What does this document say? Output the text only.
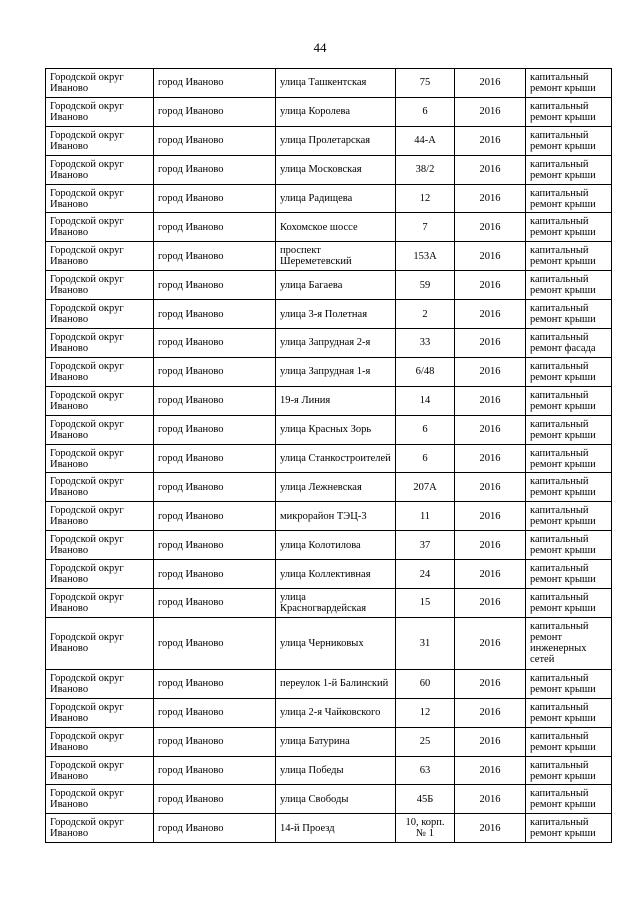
44
Городской округ Иваново	город Иваново	улица Ташкентская	75	2016	капитальный ремонт крыши
Городской округ Иваново	город Иваново	улица Королева	6	2016	капитальный ремонт крыши
Городской округ Иваново	город Иваново	улица Пролетарская	44-А	2016	капитальный ремонт крыши
Городской округ Иваново	город Иваново	улица Московская	38/2	2016	капитальный ремонт крыши
Городской округ Иваново	город Иваново	улица Радищева	12	2016	капитальный ремонт крыши
Городской округ Иваново	город Иваново	Кохомское шоссе	7	2016	капитальный ремонт крыши
Городской округ Иваново	город Иваново	проспект Шереметевский	153А	2016	капитальный ремонт крыши
Городской округ Иваново	город Иваново	улица Багаева	59	2016	капитальный ремонт крыши
Городской округ Иваново	город Иваново	улица 3-я Полетная	2	2016	капитальный ремонт крыши
Городской округ Иваново	город Иваново	улица Запрудная 2-я	33	2016	капитальный ремонт фасада
Городской округ Иваново	город Иваново	улица Запрудная 1-я	6/48	2016	капитальный ремонт крыши
Городской округ Иваново	город Иваново	19-я Линия	14	2016	капитальный ремонт крыши
Городской округ Иваново	город Иваново	улица Красных Зорь	6	2016	капитальный ремонт крыши
Городской округ Иваново	город Иваново	улица Станкостроителей	6	2016	капитальный ремонт крыши
Городской округ Иваново	город Иваново	улица Лежневская	207А	2016	капитальный ремонт крыши
Городской округ Иваново	город Иваново	микрорайон ТЭЦ-3	11	2016	капитальный ремонт крыши
Городской округ Иваново	город Иваново	улица Колотилова	37	2016	капитальный ремонт крыши
Городской округ Иваново	город Иваново	улица Коллективная	24	2016	капитальный ремонт крыши
Городской округ Иваново	город Иваново	улица Красногвардейская	15	2016	капитальный ремонт крыши
Городской округ Иваново	город Иваново	улица Черниковых	31	2016	капитальный ремонт инженерных сетей
Городской округ Иваново	город Иваново	переулок 1-й Балинский	60	2016	капитальный ремонт крыши
Городской округ Иваново	город Иваново	улица 2-я Чайковского	12	2016	капитальный ремонт крыши
Городской округ Иваново	город Иваново	улица Батурина	25	2016	капитальный ремонт крыши
Городской округ Иваново	город Иваново	улица Победы	63	2016	капитальный ремонт крыши
Городской округ Иваново	город Иваново	улица Свободы	45Б	2016	капитальный ремонт крыши
Городской округ Иваново	город Иваново	14-й Проезд	10, корп. № 1	2016	капитальный ремонт крыши
